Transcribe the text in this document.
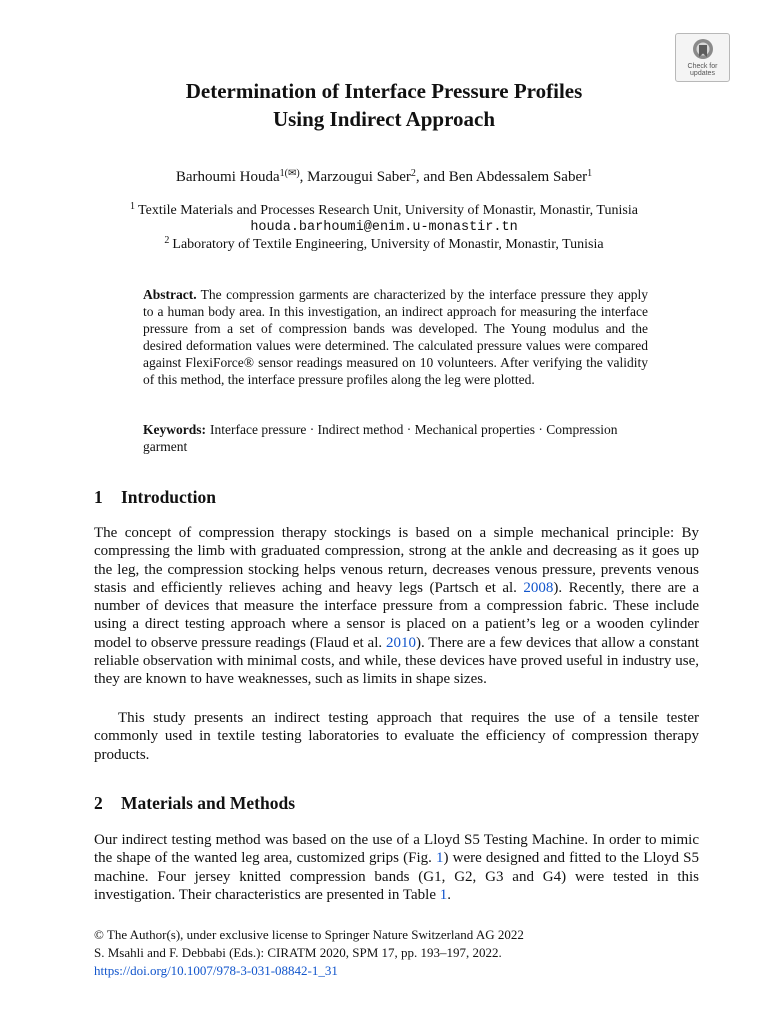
Check for
updates
Determination of Interface Pressure Profiles
Using Indirect Approach
Barhoumi Houda$^{1(✉)}$, Marzougui Saber$^2$, and Ben Abdessalem Saber$^1$
$^1$ Textile Materials and Processes Research Unit, University of Monastir, Monastir, Tunisia
houda.barhoumi@enim.u-monastir.tn
$^2$ Laboratory of Textile Engineering, University of Monastir, Monastir, Tunisia
Abstract. The compression garments are characterized by the interface pressure they apply to a human body area. In this investigation, an indirect approach for measuring the interface pressure from a set of compression bands was developed. The Young modulus and the desired deformation values were determined. The calculated pressure values were compared against FlexiForce® sensor readings measured on 10 volunteers. After verifying the validity of this method, the interface pressure profiles along the leg were plotted.
Keywords: Interface pressure · Indirect method · Mechanical properties · Compression garment
1 Introduction
The concept of compression therapy stockings is based on a simple mechanical principle: By compressing the limb with graduated compression, strong at the ankle and decreasing as it goes up the leg, the compression stocking helps venous return, decreases venous pressure, prevents venous stasis and efficiently relieves aching and heavy legs (Partsch et al. 2008). Recently, there are a number of devices that measure the interface pressure from a compression fabric. These include using a direct testing approach where a sensor is placed on a patient’s leg or a wooden cylinder model to observe pressure readings (Flaud et al. 2010). There are a few devices that allow a constant reliable observation with minimal costs, and while, these devices have proved useful in industry use, they are known to have weaknesses, such as limits in shape sizes.
This study presents an indirect testing approach that requires the use of a tensile tester commonly used in textile testing laboratories to evaluate the efficiency of compression therapy products.
2 Materials and Methods
Our indirect testing method was based on the use of a Lloyd S5 Testing Machine. In order to mimic the shape of the wanted leg area, customized grips (Fig. 1) were designed and fitted to the Lloyd S5 machine. Four jersey knitted compression bands (G1, G2, G3 and G4) were tested in this investigation. Their characteristics are presented in Table 1.
© The Author(s), under exclusive license to Springer Nature Switzerland AG 2022
S. Msahli and F. Debbabi (Eds.): CIRATM 2020, SPM 17, pp. 193–197, 2022.
https://doi.org/10.1007/978-3-031-08842-1_31
